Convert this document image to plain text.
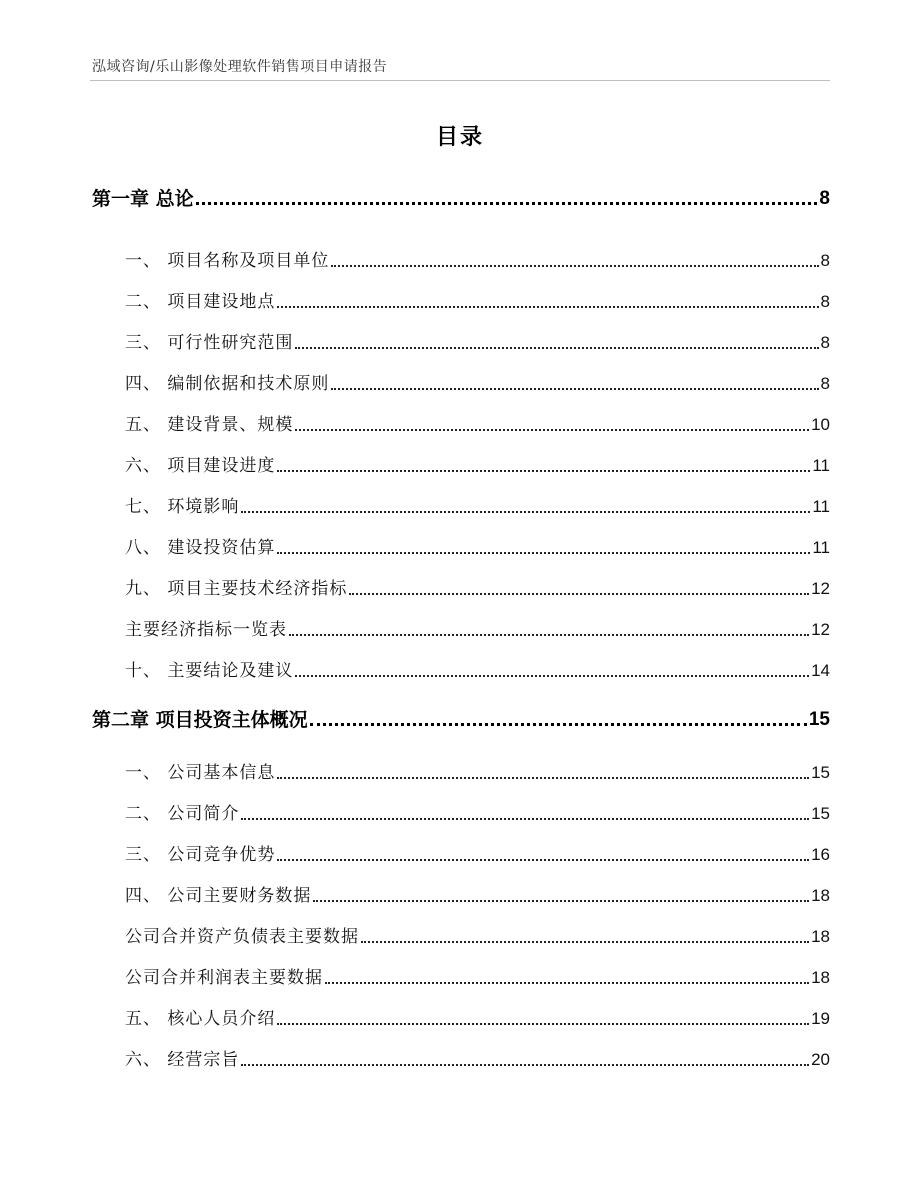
泓域咨询/乐山影像处理软件销售项目申请报告
目录
第一章 总论	8
一、 项目名称及项目单位	8
二、 项目建设地点	8
三、 可行性研究范围	8
四、 编制依据和技术原则	8
五、 建设背景、规模	10
六、 项目建设进度	11
七、 环境影响	11
八、 建设投资估算	11
九、 项目主要技术经济指标	12
主要经济指标一览表	12
十、 主要结论及建议	14
第二章 项目投资主体概况	15
一、 公司基本信息	15
二、 公司简介	15
三、 公司竞争优势	16
四、 公司主要财务数据	18
公司合并资产负债表主要数据	18
公司合并利润表主要数据	18
五、 核心人员介绍	19
六、 经营宗旨	20
